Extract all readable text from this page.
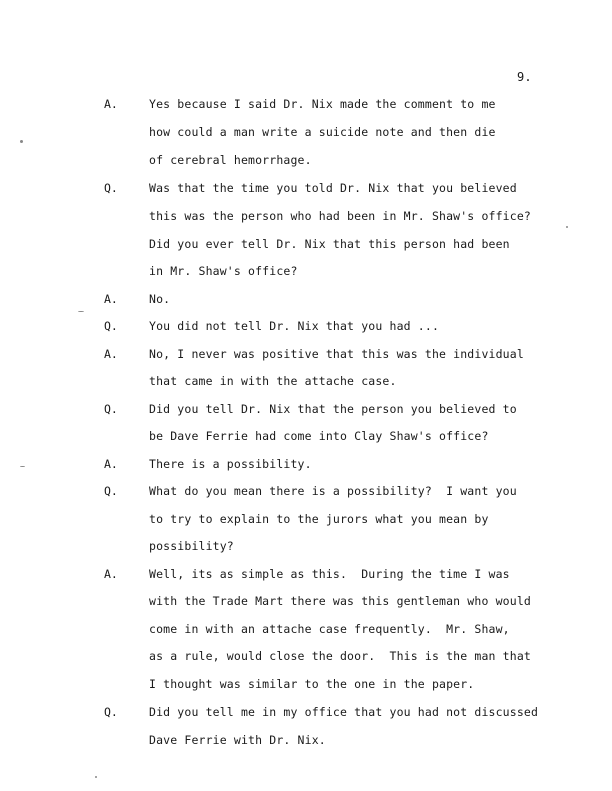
9.
A.	Yes because I said Dr. Nix made the comment to me
how could a man write a suicide note and then die
of cerebral hemorrhage.
Q.	Was that the time you told Dr. Nix that you believed
this was the person who had been in Mr. Shaw's office?
Did you ever tell Dr. Nix that this person had been
in Mr. Shaw's office?
A.	No.
Q.	You did not tell Dr. Nix that you had ...
A.	No, I never was positive that this was the individual
that came in with the attache case.
Q.	Did you tell Dr. Nix that the person you believed to
be Dave Ferrie had come into Clay Shaw's office?
A.	There is a possibility.
Q.	What do you mean there is a possibility?  I want you
to try to explain to the jurors what you mean by
possibility?
A.	Well, its as simple as this.  During the time I was
with the Trade Mart there was this gentleman who would
come in with an attache case frequently.  Mr. Shaw,
as a rule, would close the door.  This is the man that
I thought was similar to the one in the paper.
Q.	Did you tell me in my office that you had not discussed
Dave Ferrie with Dr. Nix.
